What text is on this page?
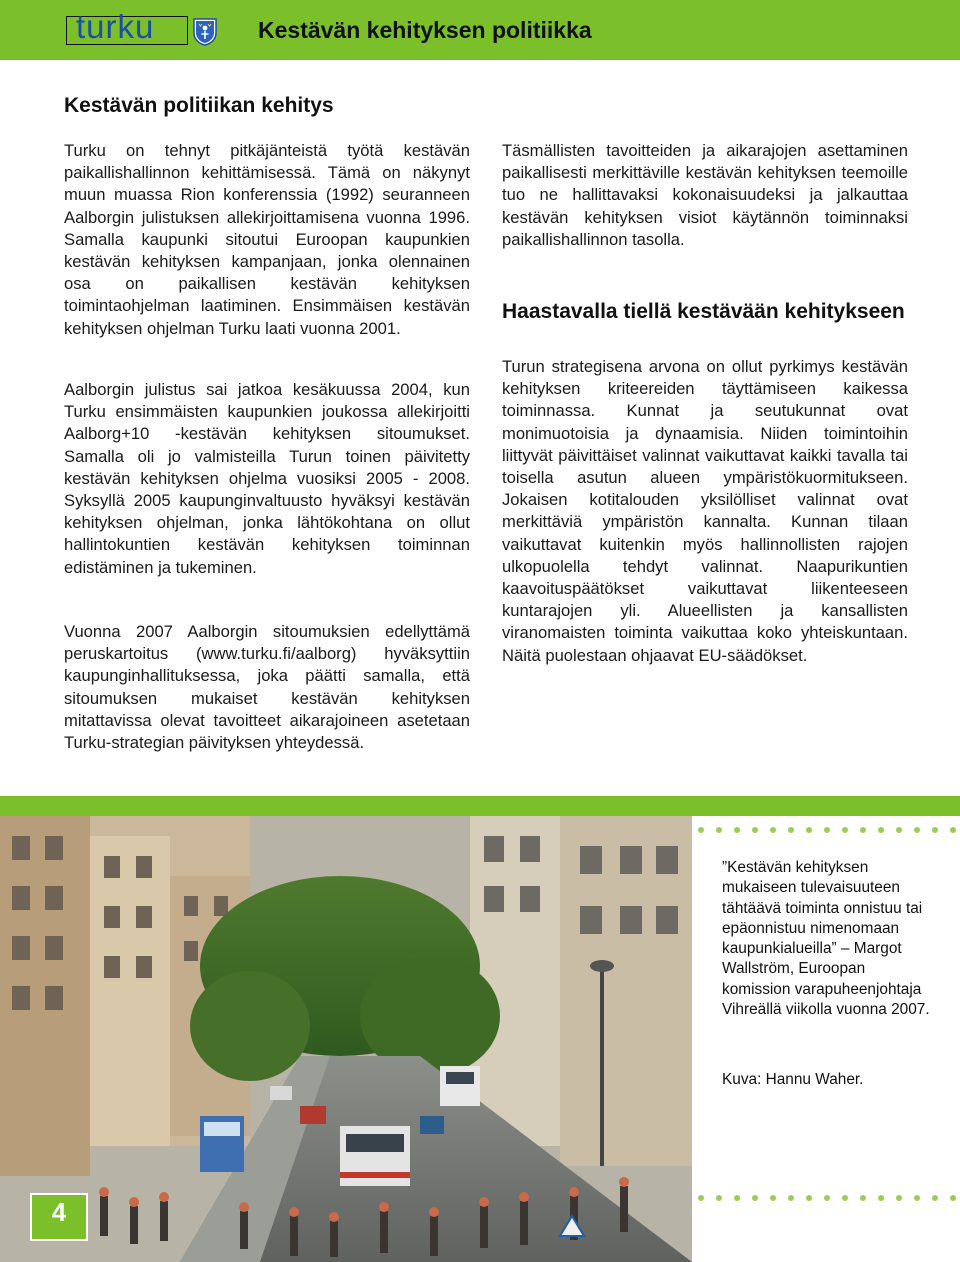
turku	Kestävän kehityksen politiikka
Kestävän politiikan kehitys

Turku on tehnyt pitkäjänteistä työtä kestävän paikallishallinnon kehittämisessä. Tämä on näkynyt muun muassa Rion konferenssia (1992) seuranneen Aalborgin julistuksen allekirjoittamisena vuonna 1996. Samalla kaupunki sitoutui Euroopan kaupunkien kestävän kehityksen kampanjaan, jonka olennainen osa on paikallisen kestävän kehityksen toimintaohjelman laatiminen. Ensimmäisen kestävän kehityksen ohjelman Turku laati vuonna 2001.

Aalborgin julistus sai jatkoa kesäkuussa 2004, kun Turku ensimmäisten kaupunkien joukossa allekirjoitti Aalborg+10 -kestävän kehityksen sitoumukset. Samalla oli jo valmisteilla Turun toinen päivitetty kestävän kehityksen ohjelma vuosiksi 2005 - 2008. Syksyllä 2005 kaupunginvaltuusto hyväksyi kestävän kehityksen ohjelman, jonka lähtökohtana on ollut hallintokuntien kestävän kehityksen toiminnan edistäminen ja tukeminen.

Vuonna 2007 Aalborgin sitoumuksien edellyttämä peruskartoitus (www.turku.fi/aalborg) hyväksyttiin kaupunginhallituksessa, joka päätti samalla, että sitoumuksen mukaiset kestävän kehityksen mitattavissa olevat tavoitteet aikarajoineen asetetaan Turku-strategian päivityksen yhteydessä.

Täsmällisten tavoitteiden ja aikarajojen asettaminen paikallisesti merkittäville kestävän kehityksen teemoille tuo ne hallittavaksi kokonaisuudeksi ja jalkauttaa kestävän kehityksen visiot käytännön toiminnaksi paikallishallinnon tasolla.

Haastavalla tiellä kestävään kehitykseen

Turun strategisena arvona on ollut pyrkimys kestävän kehityksen kriteereiden täyttämiseen kaikessa toiminnassa. Kunnat ja seutukunnat ovat monimuotoisia ja dynaamisia. Niiden toimintoihin liittyvät päivittäiset valinnat vaikuttavat kaikki tavalla tai toisella asutun alueen ympäristökuormitukseen. Jokaisen kotitalouden yksilölliset valinnat ovat merkittäviä ympäristön kannalta. Kunnan tilaan vaikuttavat kuitenkin myös hallinnollisten rajojen ulkopuolella tehdyt valinnat. Naapurikuntien kaavoituspäätökset vaikuttavat liikenteeseen kuntarajojen yli. Alueellisten ja kansallisten viranomaisten toiminta vaikuttaa koko yhteiskuntaan. Näitä puolestaan ohjaavat EU-säädökset.

”Kestävän kehityksen mukaiseen tulevaisuuteen tähtäävä toiminta onnistuu tai epäonnistuu nimenomaan kaupunkialueilla” – Margot Wallström, Euroopan komission varapuheenjohtaja Vihreällä viikolla vuonna 2007.

Kuva: Hannu Waher.
4
